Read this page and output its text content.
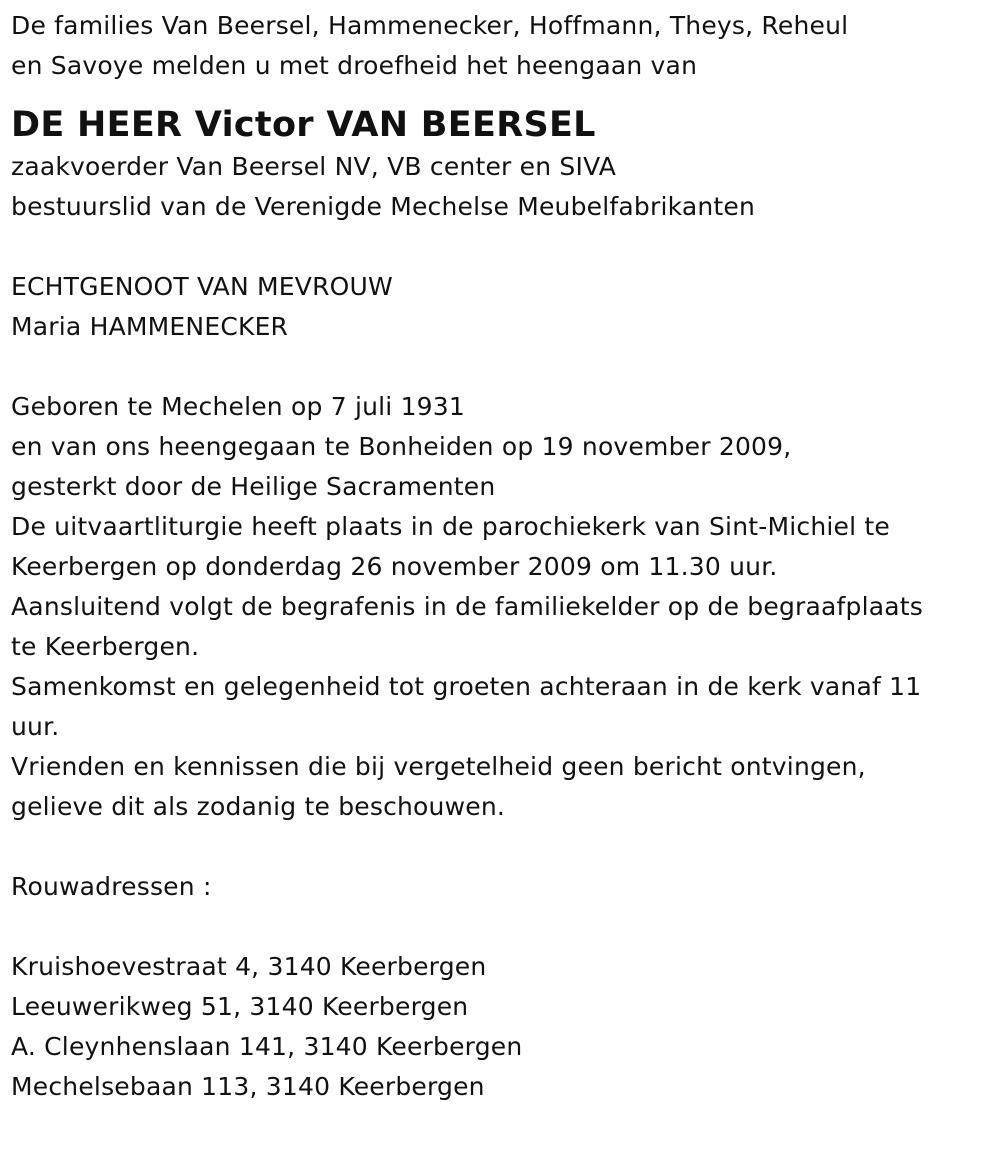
De families Van Beersel, Hammenecker, Hoffmann, Theys, Reheul
en Savoye melden u met droefheid het heengaan van
DE HEER Victor VAN BEERSEL
zaakvoerder Van Beersel NV, VB center en SIVA
bestuurslid van de Verenigde Mechelse Meubelfabrikanten
ECHTGENOOT VAN MEVROUW
Maria HAMMENECKER
Geboren te Mechelen op 7 juli 1931
en van ons heengegaan te Bonheiden op 19 november 2009,
gesterkt door de Heilige Sacramenten
De uitvaartliturgie heeft plaats in de parochiekerk van Sint-Michiel te
Keerbergen op donderdag 26 november 2009 om 11.30 uur.
Aansluitend volgt de begrafenis in de familiekelder op de begraafplaats
te Keerbergen.
Samenkomst en gelegenheid tot groeten achteraan in de kerk vanaf 11
uur.
Vrienden en kennissen die bij vergetelheid geen bericht ontvingen,
gelieve dit als zodanig te beschouwen.
Rouwadressen :
Kruishoevestraat 4, 3140 Keerbergen
Leeuwerikweg 51, 3140 Keerbergen
A. Cleynhenslaan 141, 3140 Keerbergen
Mechelsebaan 113, 3140 Keerbergen
